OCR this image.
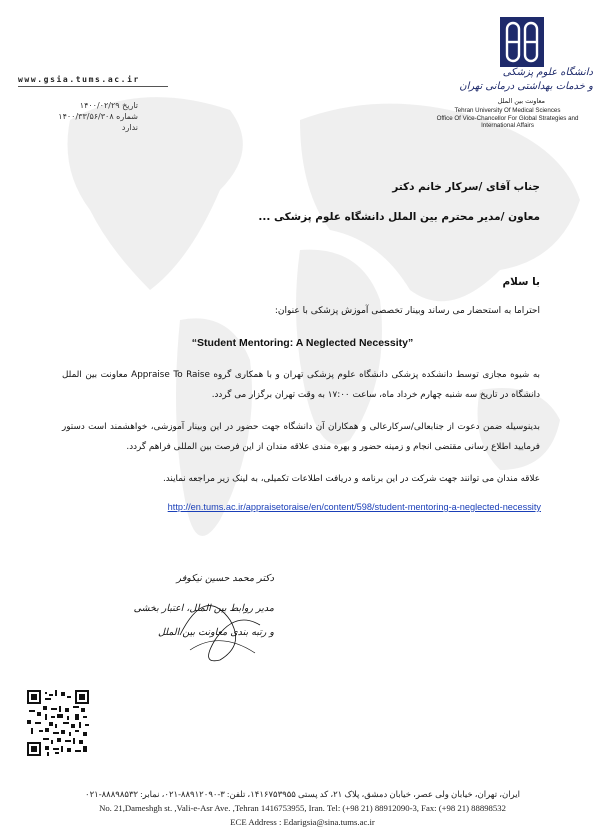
www.gsia.tums.ac.ir
تاریخ ۱۴۰۰/۰۲/۲۹
شماره ۱۴۰۰/۳۳/۵۶/۳۰۸
ندارد
دانشگاه علوم پزشکی
و خدمات بهداشتی درمانی تهران
معاونت بین الملل
Tehran University Of Medical Sciences
Office Of Vice-Chancellor For Global Strategies and International Affairs
جناب آقای /سرکار خانم دکتر
معاون /مدیر محترم بین الملل دانشگاه علوم پزشکی ...
با سلام
احتراما به استحضار می رساند وبینار تخصصی آموزش پزشکی با عنوان:
“Student Mentoring: A Neglected Necessity”
به شیوه مجازی توسط دانشکده پزشکی دانشگاه علوم پزشکی تهران و با همکاری گروه Appraise To Raise معاونت بین الملل دانشگاه در تاریخ سه شنبه چهارم خرداد ماه، ساعت ۱۷:۰۰ به وقت تهران برگزار می گردد.
بدینوسیله ضمن دعوت از جنابعالی/سرکارعالی و همکاران آن دانشگاه جهت حضور در این وبینار آموزشی، خواهشمند است دستور فرمایید اطلاع رسانی مقتضی انجام و زمینه حضور و بهره مندی علاقه مندان از این فرصت بین المللی فراهم گردد.
علاقه مندان می توانند جهت شرکت در این برنامه و دریافت اطلاعات تکمیلی، به لینک زیر مراجعه نمایند.
http://en.tums.ac.ir/appraisetoraise/en/content/598/student-mentoring-a-neglected-necessity
دکتر محمد حسین نیکوفر
مدیر روابط بین الملل، اعتبار بخشی
و رتبه بندی معاونت بین الملل
ایران، تهران، خیابان ولی عصر، خیابان دمشق، پلاک ۲۱، کد پستی ۱۴۱۶۷۵۳۹۵۵، تلفن: ۳-۸۸۹۱۲۰۹۰-۰۲۱، نمابر: ۸۸۸۹۸۵۳۲-۰۲۱
No. 21,Dameshgh st. ,Vali-e-Asr Ave. ,Tehran 1416753955, Iran. Tel: (+98 21) 88912090-3, Fax: (+98 21) 88898532
ECE Address : Edarigsia@sina.tums.ac.ir
